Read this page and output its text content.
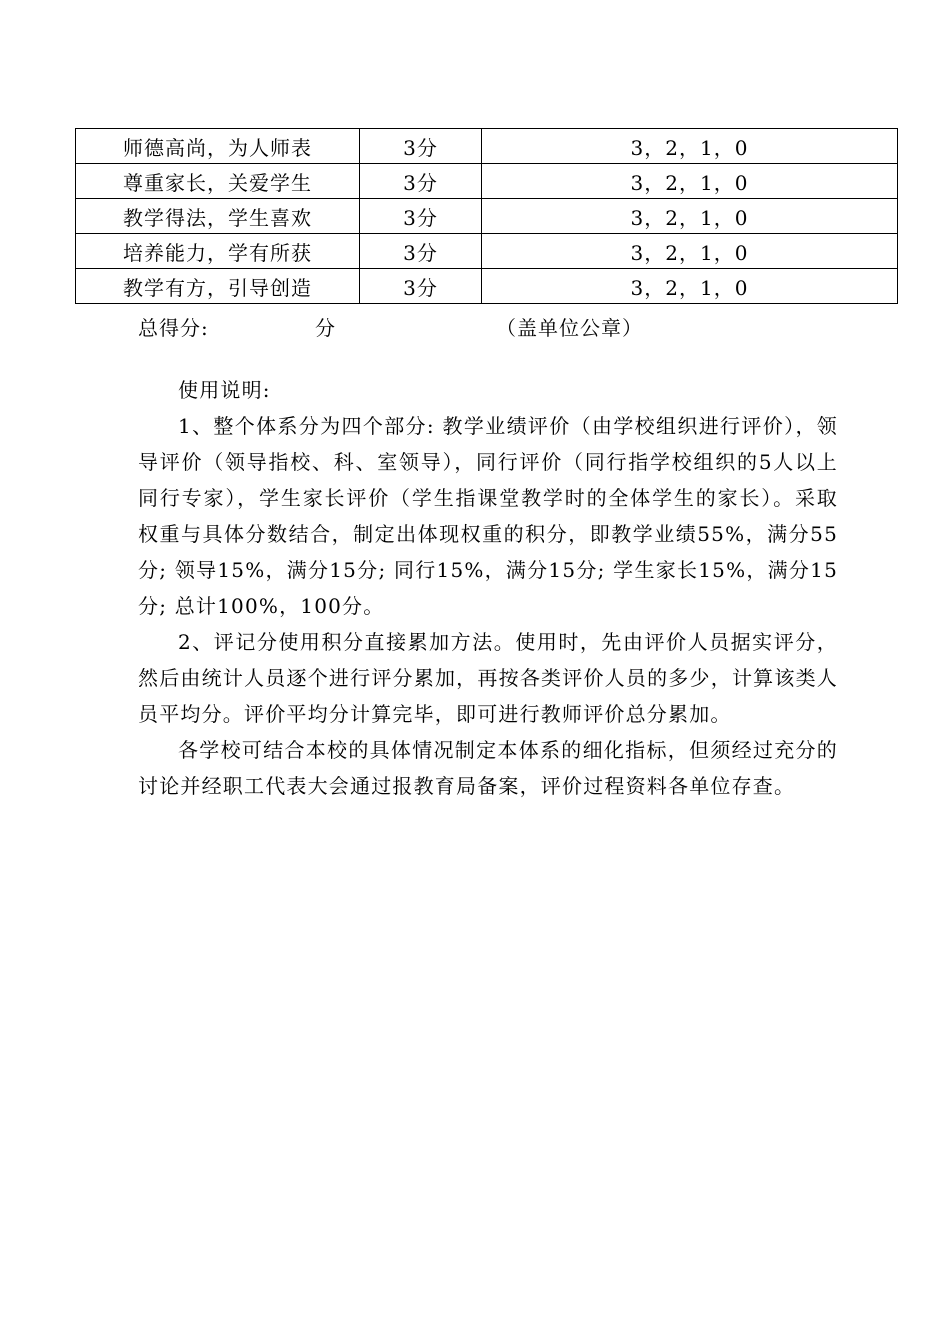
师德高尚，为人师表	3分	3，2，1，0
尊重家长，关爱学生	3分	3，2，1，0
教学得法，学生喜欢	3分	3，2，1，0
培养能力，学有所获	3分	3，2，1，0
教学有方，引导创造	3分	3，2，1，0
总得分:	分	（盖单位公章）
使用说明:

1、整个体系分为四个部分: 教学业绩评价（由学校组织进行评价），领导评价（领导指校、科、室领导），同行评价（同行指学校组织的5人以上同行专家），学生家长评价（学生指课堂教学时的全体学生的家长）。采取权重与具体分数结合，制定出体现权重的积分，即教学业绩55%，满分55分; 领导15%，满分15分; 同行15%，满分15分; 学生家长15%，满分15分; 总计100%，100分。

2、评记分使用积分直接累加方法。使用时，先由评价人员据实评分，然后由统计人员逐个进行评分累加，再按各类评价人员的多少，计算该类人员平均分。评价平均分计算完毕，即可进行教师评价总分累加。

各学校可结合本校的具体情况制定本体系的细化指标，但须经过充分的讨论并经职工代表大会通过报教育局备案，评价过程资料各单位存查。
